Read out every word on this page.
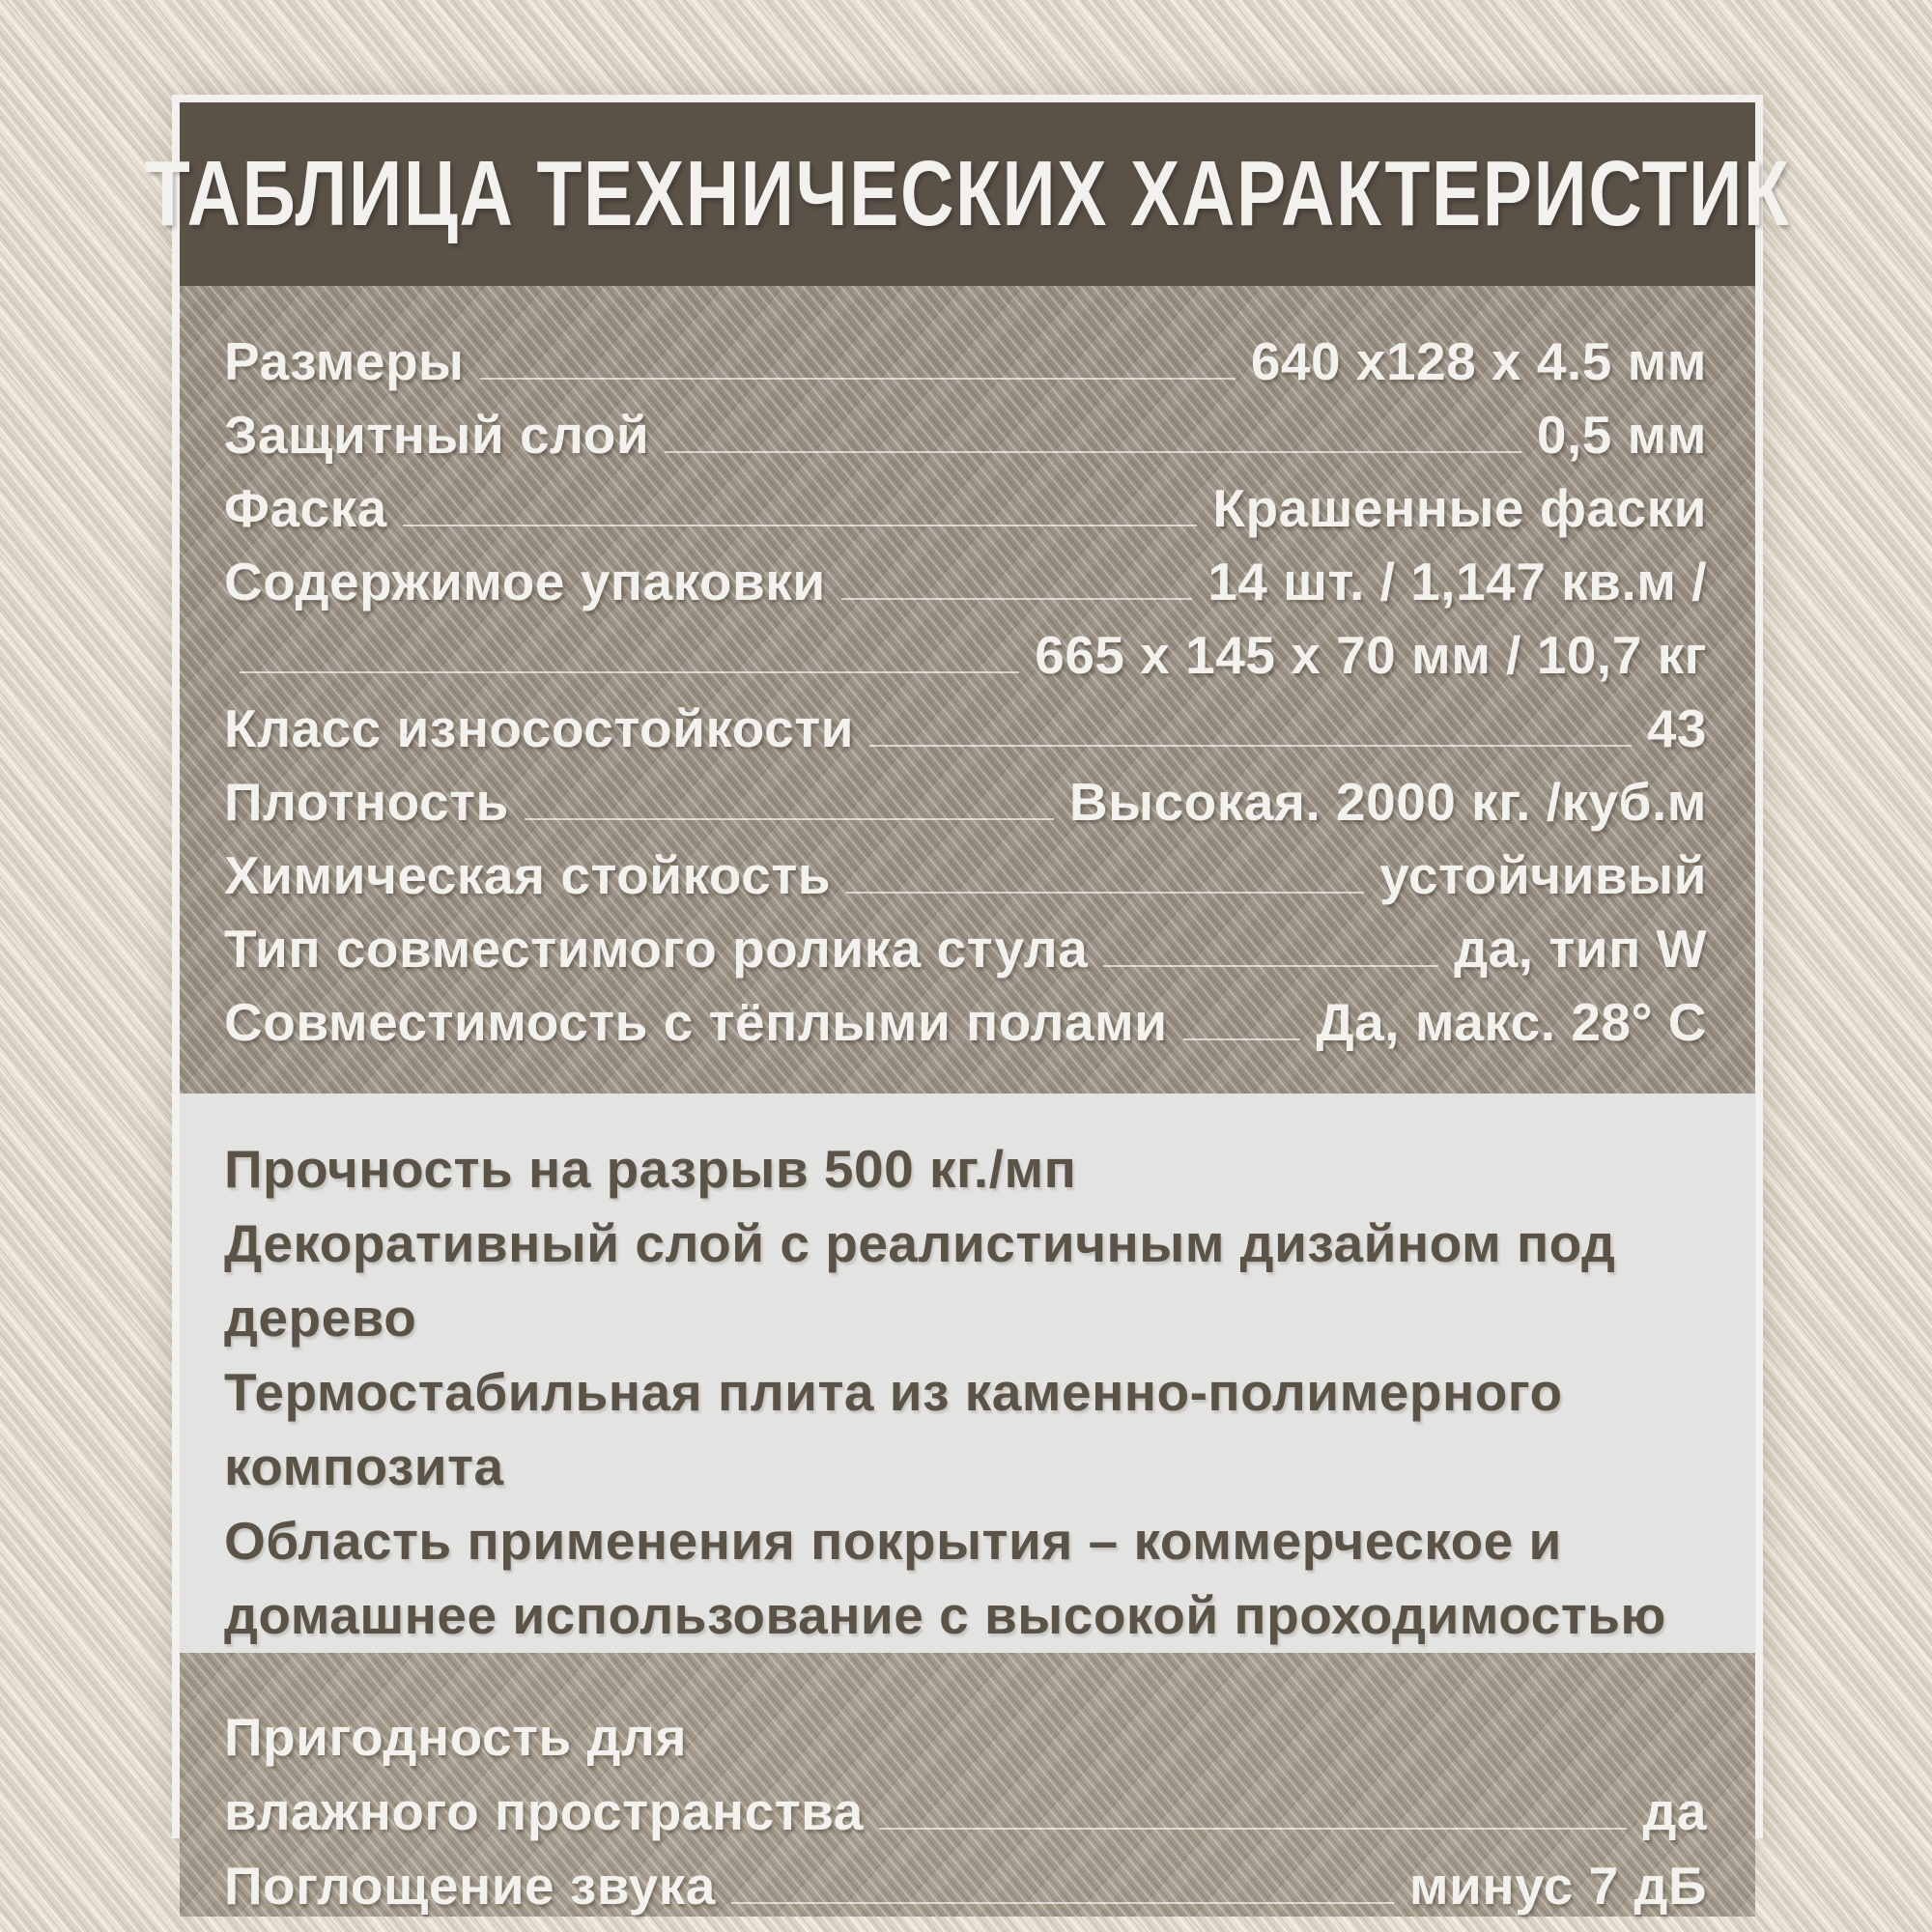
ТАБЛИЦА ТЕХНИЧЕСКИХ ХАРАКТЕРИСТИК
Размеры	640 х128 х 4.5 мм
Защитный слой	0,5 мм
Фаска	Крашенные фаски
Содержимое упаковки	14 шт. / 1,147 кв.м /
665 х 145 х 70 мм / 10,7 кг
Класс износостойкости	43
Плотность	Высокая. 2000 кг. /куб.м
Химическая стойкость	устойчивый
Тип совместимого ролика стула	да, тип W
Совместимость с тёплыми полами	Да, макс. 28° С
Прочность на разрыв 500 кг./мп
Декоративный слой с реалистичным дизайном под дерево
Термостабильная плита из каменно-полимерного композита
Область применения покрытия – коммерческое и домашнее использование с высокой проходимостью
Пригодность для
влажного пространства	да
Поглощение звука	минус 7 дБ
